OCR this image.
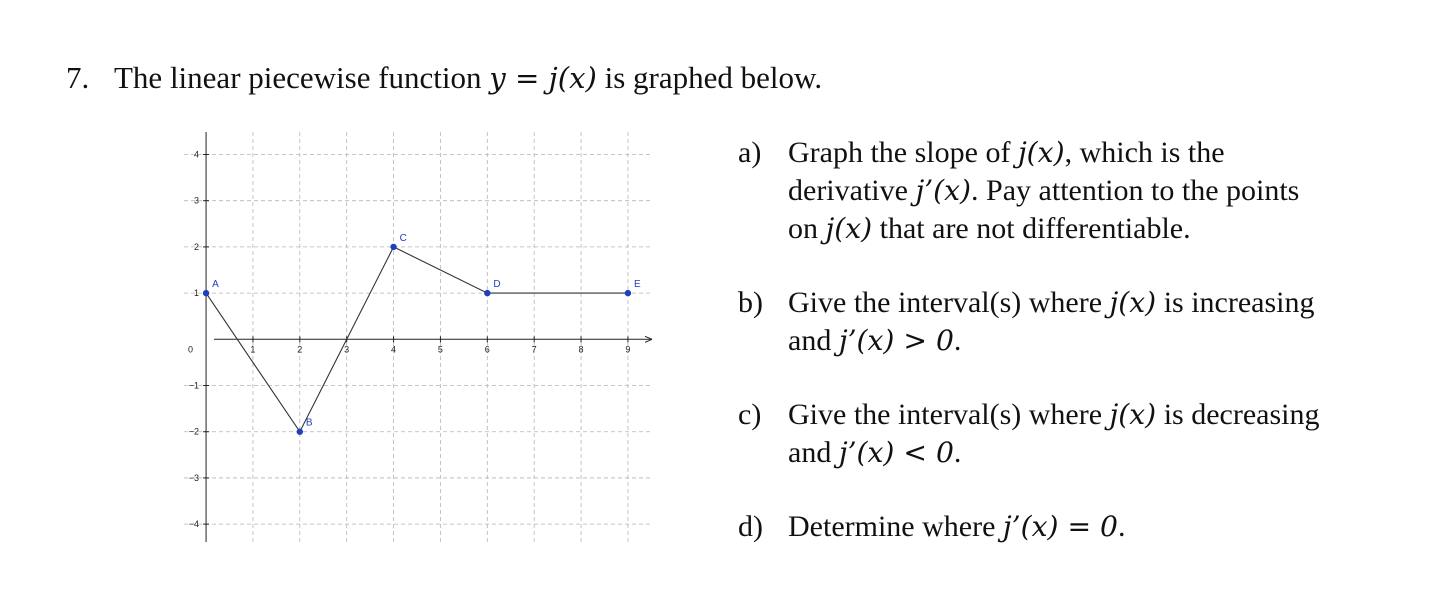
7. The linear piecewise function y = j(x) is graphed below.
0	1	2	3	4	5	6	7	8	9
4
3
2
1
−1
−2
−3
−4
A
B
C
D	E
a) Graph the slope of j(x), which is the
derivative j’(x). Pay attention to the points
on j(x) that are not differentiable.
b) Give the interval(s) where j(x) is increasing
and j’(x) > 0.
c) Give the interval(s) where j(x) is decreasing
and j’(x) < 0.
d) Determine where j’(x) = 0.
